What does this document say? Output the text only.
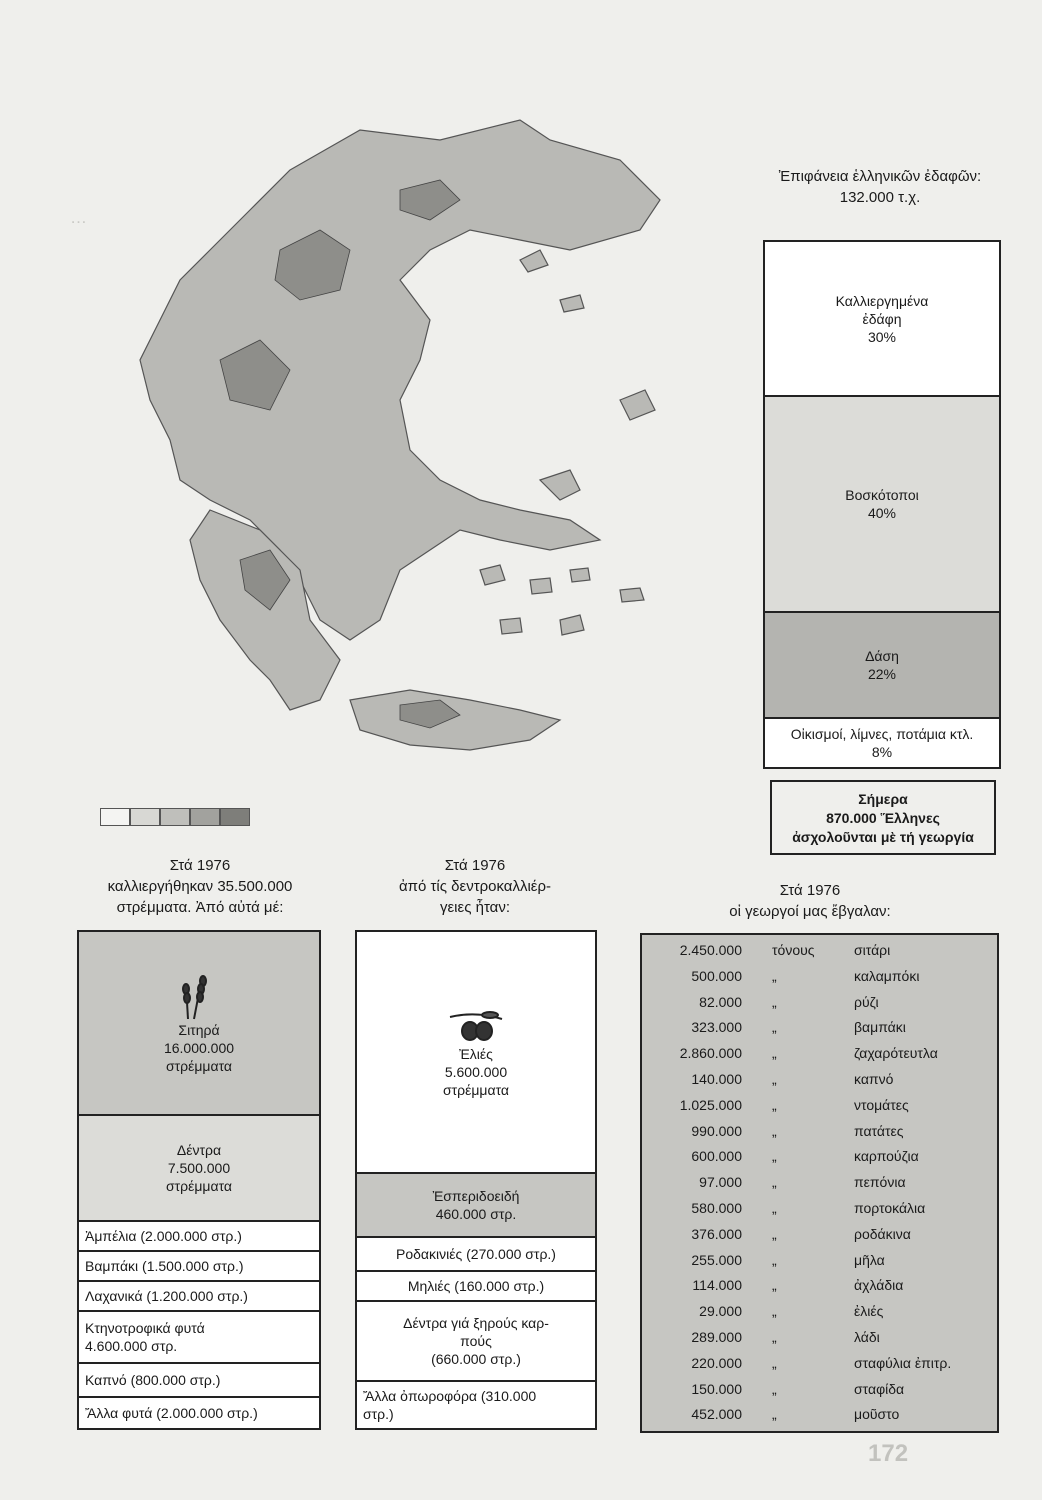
…
Ἐπιφάνεια ἑλληνικῶν ἐδαφῶν:
132.000 τ.χ.
Καλλιεργημένα ἐδάφη
30%
Βοσκότοποι
40%
Δάση
22%
Οἰκισμοί, λίμνες, ποτάμια κτλ.
8%
Σήμερα
870.000 Ἕλληνες
ἀσχολοῦνται μὲ τή γεωργία
Στά 1976
καλλιεργήθηκαν 35.500.000
στρέμματα. Ἀπό αὐτά μέ:
Σιτηρά
16.000.000
στρέμματα
Δέντρα
7.500.000
στρέμματα
Ἀμπέλια (2.000.000 στρ.)
Βαμπάκι (1.500.000 στρ.)
Λαχανικά (1.200.000 στρ.)
Κτηνοτροφικά φυτά
4.600.000 στρ.
Καπνό (800.000 στρ.)
Ἄλλα φυτά (2.000.000 στρ.)
Στά 1976
ἀπό τίς δεντροκαλλιέρ-
γειες ἦταν:
Ἐλιές
5.600.000
στρέμματα
Ἐσπεριδοειδή
460.000 στρ.
Ροδακινιές (270.000 στρ.)
Μηλιές (160.000 στρ.)
Δέντρα γιά ξηρούς καρ-
πούς
(660.000 στρ.)
Ἄλλα ὀπωροφόρα (310.000
στρ.)
Στά 1976
οἱ γεωργοί μας ἔβγαλαν:
2.450.000 τόνους	σιτάρι
500.000 „	καλαμπόκι
82.000 „	ρύζι
323.000 „	βαμπάκι
2.860.000 „	ζαχαρότευτλα
140.000 „	καπνό
1.025.000 „	ντομάτες
990.000 „	πατάτες
600.000 „	καρπούζια
97.000 „	πεπόνια
580.000 „	πορτοκάλια
376.000 „	ροδάκινα
255.000 „	μῆλα
114.000 „	ἀχλάδια
29.000 „	ἐλιές
289.000 „	λάδι
220.000 „	σταφύλια ἐπιτρ.
150.000 „	σταφίδα
452.000 „	μοῦστο
172
